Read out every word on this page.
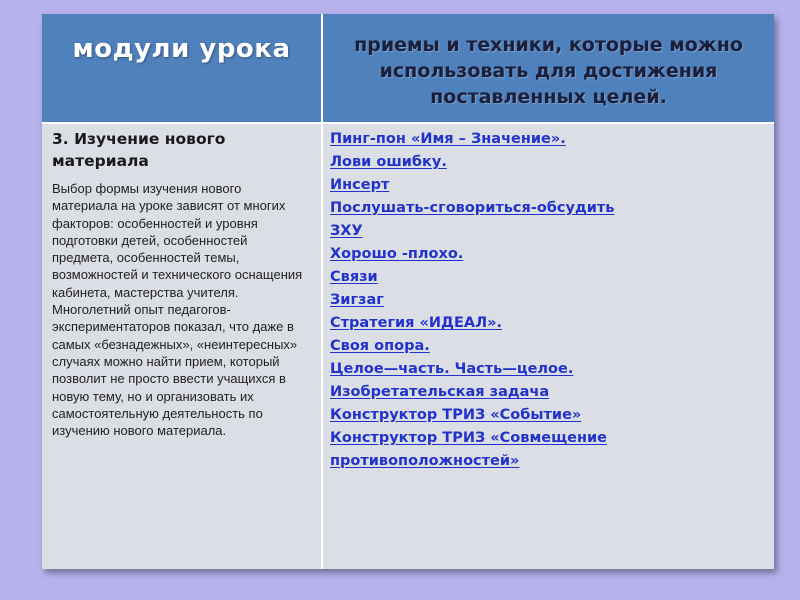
модули урока	приемы и техники, которые можно использовать для достижения поставленных целей.
3. Изучение нового материала
Выбор формы изучения нового материала на уроке зависят от многих факторов: особенностей и уровня подготовки детей, особенностей предмета, особенностей темы, возможностей и технического оснащения кабинета, мастерства учителя.
Многолетний опыт педагогов-экспериментаторов показал, что даже в самых «безнадежных», «неинтересных» случаях можно найти прием, который позволит не просто ввести учащихся в новую тему, но и организовать их самостоятельную деятельность по изучению нового материала.
Пинг-пон «Имя – Значение».
Лови ошибку.
Инсерт
Послушать-сговориться-обсудить
ЗХУ
Хорошо -плохо.
Связи
Зигзаг
Стратегия «ИДЕАЛ».
Своя опора.
Целое—часть. Часть—целое.
Изобретательская задача
Конструктор ТРИЗ «Событие»
Конструктор ТРИЗ «Совмещение противоположностей»
